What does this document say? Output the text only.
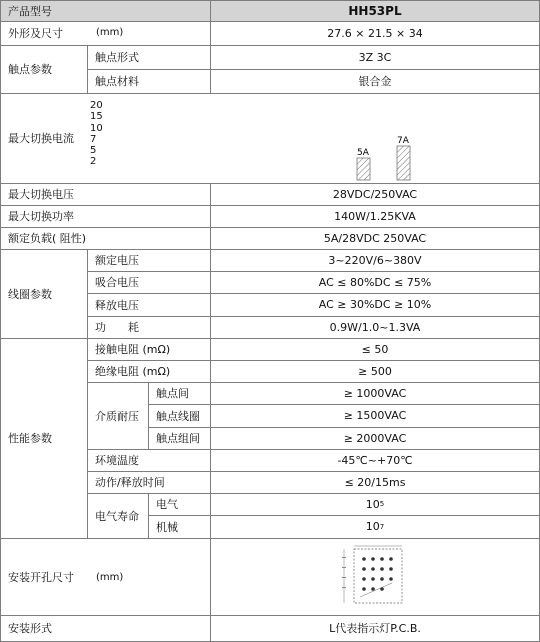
产品型号	HH53PL
外形及尺寸	(mm)	27.6 × 21.5 × 34
触点参数
触点形式	3Z 3C
触点材料	银合金
最大切换电流
20
15
10
7
5
2
5A
7A
最大切换电压	28VDC/250VAC
最大切换功率	140W/1.25KVA
额定负载( 阻性)	5A/28VDC 250VAC
线圈参数
额定电压	3~220V/6~380V
吸合电压	AC ≤ 80%DC ≤ 75%
释放电压	AC ≥ 30%DC ≥ 10%
功　　耗	0.9W/1.0~1.3VA
性能参数
接触电阻 (mΩ)	≤ 50
绝缘电阻 (mΩ)	≥ 500
介质耐压
触点间	≥ 1000VAC
触点线圈	≥ 1500VAC
触点组间	≥ 2000VAC
环境温度	-45℃~+70℃
动作/释放时间	≤ 20/15ms
电气寿命
电气	10 5
机械	10 7
安装开孔尺寸	(mm)
安装形式	L代表指示灯P.C.B.
